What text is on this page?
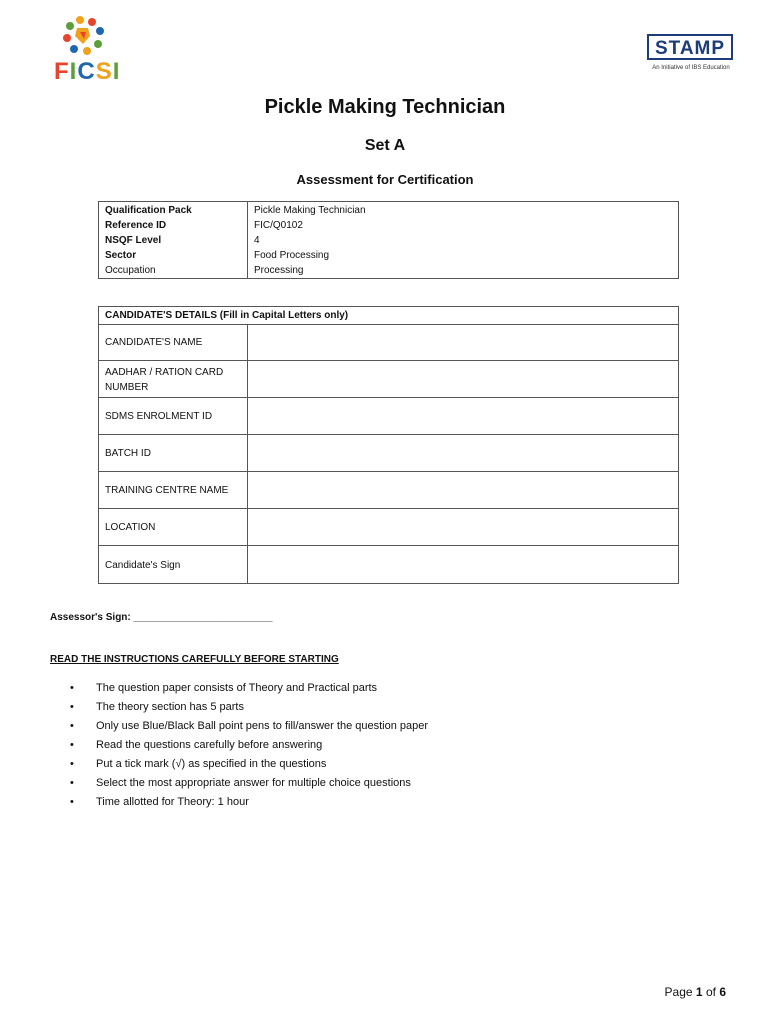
FICSI
STAMP
An Initiative of IBS Education
Pickle Making Technician
Set A
Assessment for Certification
Qualification Pack	Pickle Making Technician
Reference ID	FIC/Q0102
NSQF Level	4
Sector	Food Processing
Occupation	Processing
CANDIDATE'S DETAILS (Fill in Capital Letters only)
CANDIDATE'S NAME
AADHAR / RATION CARD NUMBER
SDMS ENROLMENT ID
BATCH ID
TRAINING CENTRE NAME
LOCATION
Candidate's Sign
Assessor's Sign: _________________________
READ THE INSTRUCTIONS CAREFULLY BEFORE STARTING
•	The question paper consists of Theory and Practical parts
•	The theory section has 5 parts
•	Only use Blue/Black Ball point pens to fill/answer the question paper
•	Read the questions carefully before answering
•	Put a tick mark (√) as specified in the questions
•	Select the most appropriate answer for multiple choice questions
•	Time allotted for Theory: 1 hour
Page 1 of 6
